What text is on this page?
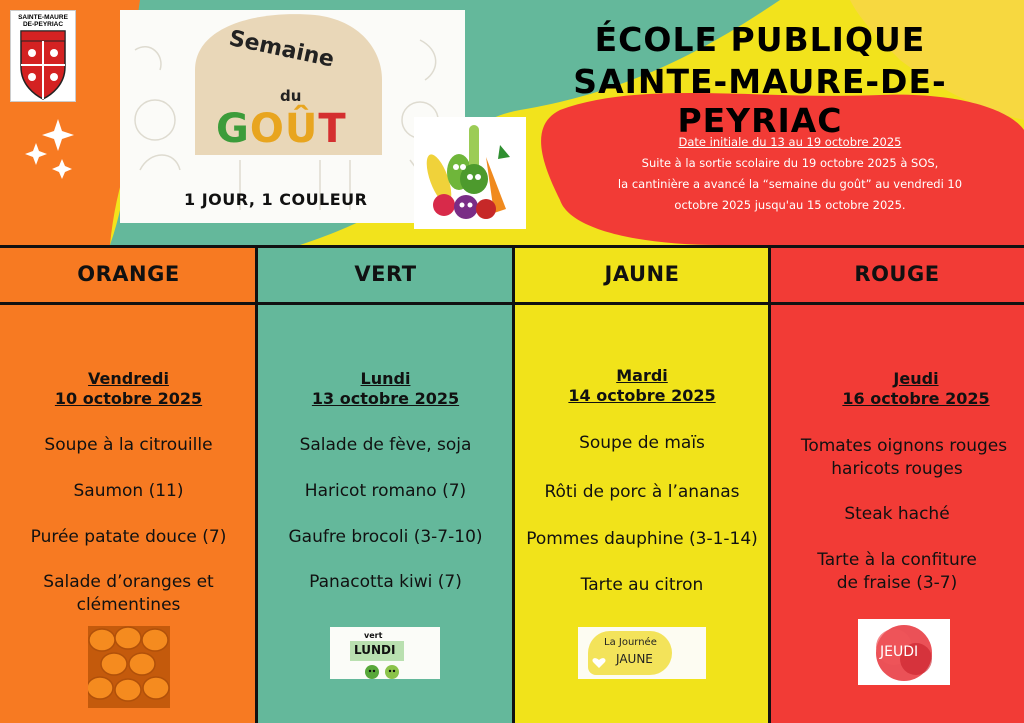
SAINTE-MAURE
DE-PEYRIAC
Semaine
du
GOÛT
1 JOUR, 1 COULEUR
ÉCOLE PUBLIQUE
SAINTE-MAURE-DE-PEYRIAC
Date initiale du 13 au 19 octobre 2025
Suite à la sortie scolaire du 19 octobre 2025 à SOS,
la cantinière a avancé la “semaine du goût” au vendredi 10
octobre 2025 jusqu'au 15 octobre 2025.
ORANGE
Vendredi
10 octobre 2025
Soupe à la citrouille
Saumon (11)
Purée patate douce (7)
Salade d’oranges et
clémentines
VERT
Lundi
13 octobre 2025
Salade de fève, soja
Haricot romano (7)
Gaufre brocoli (3-7-10)
Panacotta kiwi (7)
vert
LUNDI
JAUNE
Mardi
14 octobre 2025
Soupe de maïs
Rôti de porc à l’ananas
Pommes dauphine (3-1-14)
Tarte au citron
La Journée
JAUNE
ROUGE
Jeudi
16 octobre 2025
Tomates oignons rouges
haricots rouges
Steak haché
Tarte à la confiture
de fraise (3-7)
JEUDI
